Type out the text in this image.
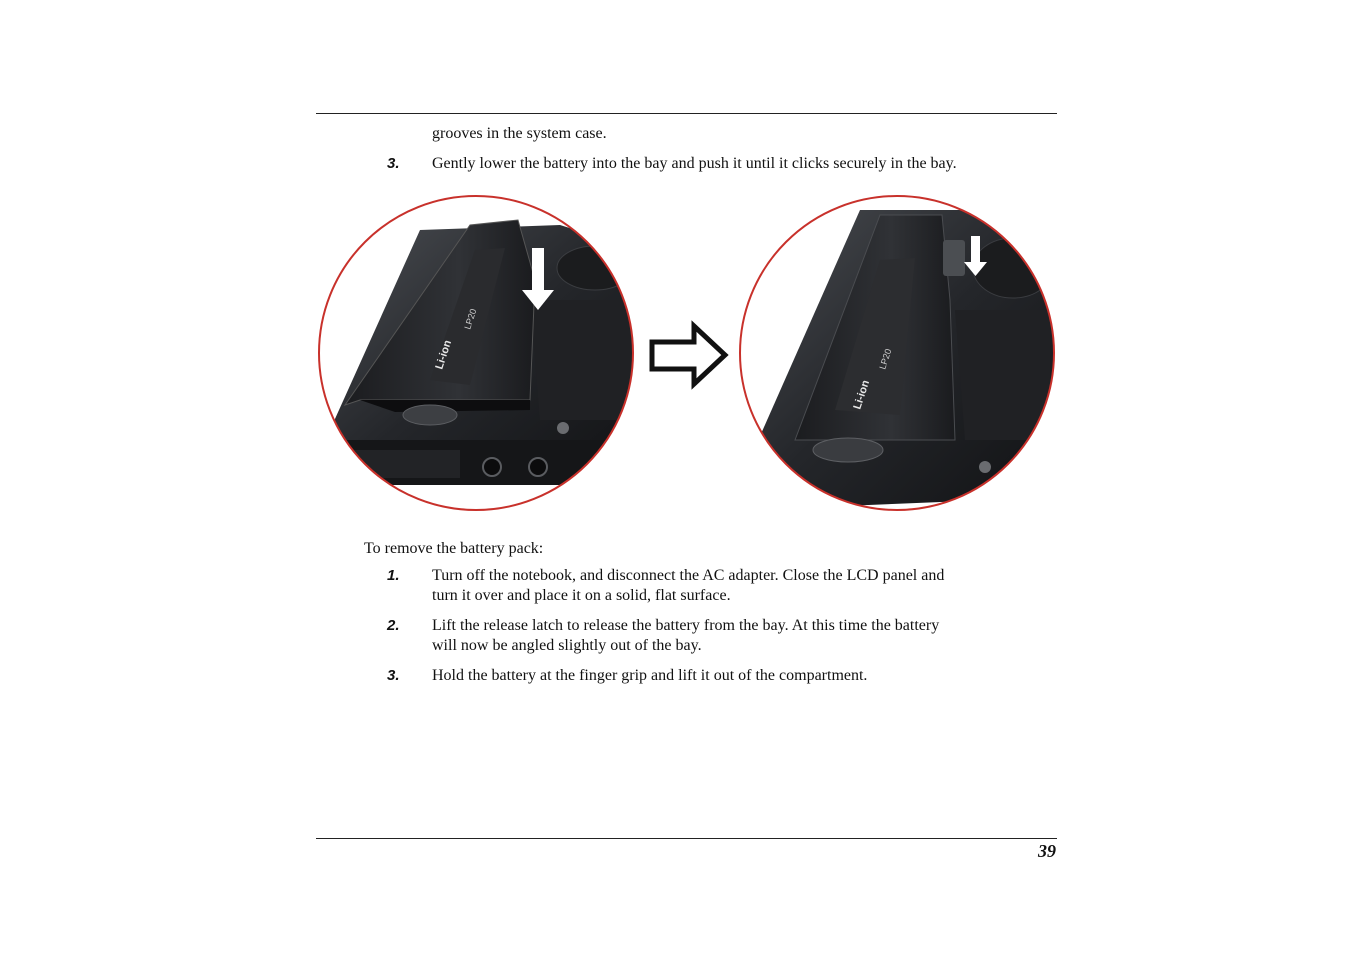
grooves in the system case.
3. Gently lower the battery into the bay and push it until it clicks securely in the bay.
Li-ion
LP20
Li-ion
LP20
To remove the battery pack:
1. Turn off the notebook, and disconnect the AC adapter. Close the LCD panel and
turn it over and place it on a solid, flat surface.
2. Lift the release latch to release the battery from the bay. At this time the battery
will now be angled slightly out of the bay.
3. Hold the battery at the finger grip and lift it out of the compartment.
39
